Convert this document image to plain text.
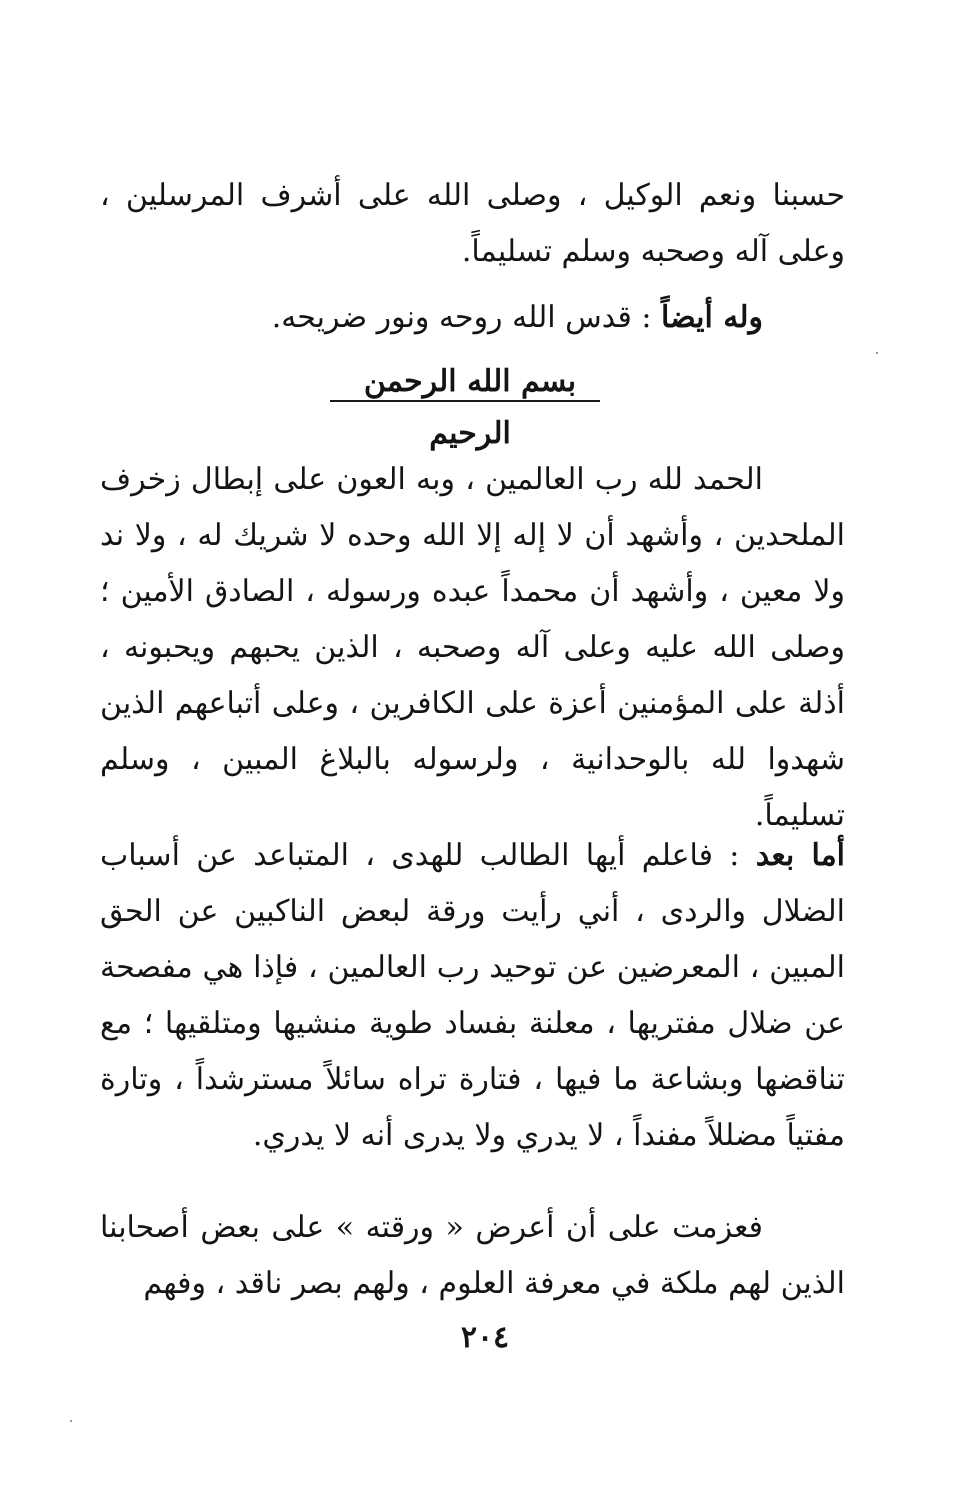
حسبنا ونعم الوكيل ، وصلى الله على أشرف المرسلين ، وعلى آله وصحبه وسلم تسليماً.

وله أيضاً : قدس الله روحه ونور ضريحه.

بسم الله الرحمن الرحيم

الحمد لله رب العالمين ، وبه العون على إبطال زخرف الملحدين ، وأشهد أن لا إله إلا الله وحده لا شريك له ، ولا ند ولا معين ، وأشهد أن محمداً عبده ورسوله ، الصادق الأمين ؛ وصلى الله عليه وعلى آله وصحبه ، الذين يحبهم ويحبونه ، أذلة على المؤمنين أعزة على الكافرين ، وعلى أتباعهم الذين شهدوا لله بالوحدانية ، ولرسوله بالبلاغ المبين ، وسلم تسليماً.

أما بعد : فاعلم أيها الطالب للهدى ، المتباعد عن أسباب الضلال والردى ، أني رأيت ورقة لبعض الناكبين عن الحق المبين ، المعرضين عن توحيد رب العالمين ، فإذا هي مفصحة عن ضلال مفتريها ، معلنة بفساد طوية منشيها ومتلقيها ؛ مع تناقضها وبشاعة ما فيها ، فتارة تراه سائلاً مسترشداً ، وتارة مفتياً مضللاً مفنداً ، لا يدري ولا يدرى أنه لا يدري.

فعزمت على أن أعرض « ورقته » على بعض أصحابنا الذين لهم ملكة في معرفة العلوم ، ولهم بصر ناقد ، وفهم

٢٠٤
